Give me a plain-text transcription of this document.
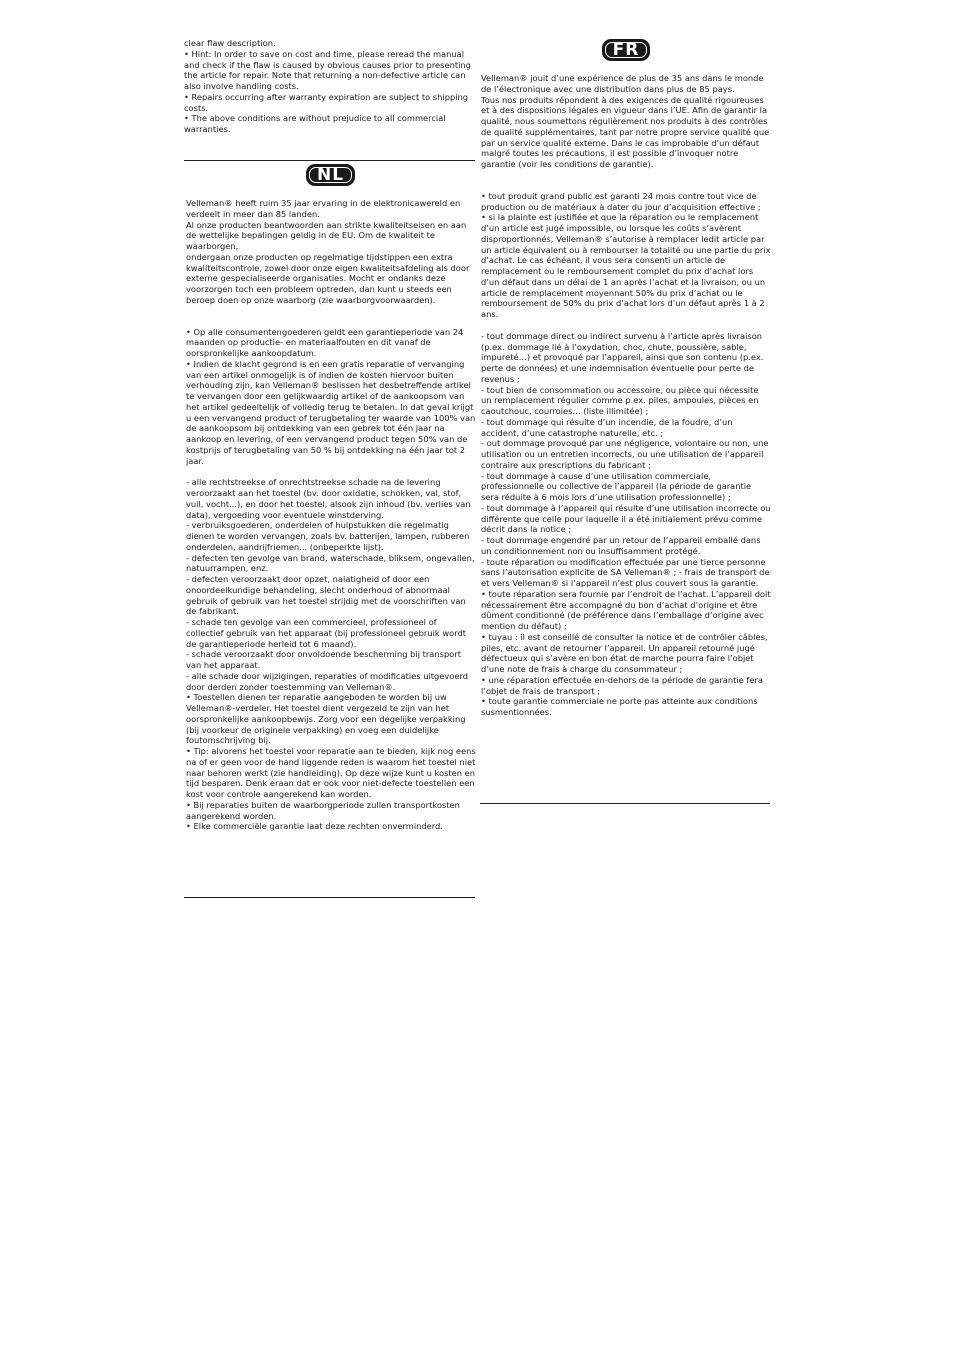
clear flaw description.
• Hint: In order to save on cost and time, please reread the manual and check if the flaw is caused by obvious causes prior to presenting the article for repair. Note that returning a non-defective article can also involve handling costs.
• Repairs occurring after warranty expiration are subject to shipping costs.
• The above conditions are without prejudice to all commercial warranties.
NL
Velleman® heeft ruim 35 jaar ervaring in de elektronicawereld en verdeelt in meer dan 85 landen.
Al onze producten beantwoorden aan strikte kwaliteitseisen en aan de wettelijke bepalingen geldig in de EU. Om de kwaliteit te waarborgen,
ondergaan onze producten op regelmatige tijdstippen een extra kwaliteitscontrole, zowel door onze eigen kwaliteitsafdeling als door externe gespecialiseerde organisaties. Mocht er ondanks deze voorzorgen toch een probleem optreden, dan kunt u steeds een beroep doen op onze waarborg (zie waarborgvoorwaarden).
• Op alle consumentengoederen geldt een garantieperiode van 24 maanden op productie- en materiaalfouten en dit vanaf de oorspronkelijke aankoopdatum.
• Indien de klacht gegrond is en een gratis reparatie of vervanging van een artikel onmogelijk is of indien de kosten hiervoor buiten verhouding zijn, kan Velleman® beslissen het desbetreffende artikel te vervangen door een gelijkwaardig artikel of de aankoopsom van het artikel gedeeltelijk of volledig terug te betalen. In dat geval krijgt u een vervangend product of terugbetaling ter waarde van 100% van de aankoopsom bij ontdekking van een gebrek tot één jaar na aankoop en levering, of een vervangend product tegen 50% van de kostprijs of terugbetaling van 50 % bij ontdekking na één jaar tot 2 jaar.
- alle rechtstreekse of onrechtstreekse schade na de levering veroorzaakt aan het toestel (bv. door oxidatie, schokken, val, stof, vuil, vocht...), en door het toestel, alsook zijn inhoud (bv. verlies van data), vergoeding voor eventuele winstderving.
- verbruiksgoederen, onderdelen of hulpstukken die regelmatig dienen te worden vervangen, zoals bv. batterijen, lampen, rubberen onderdelen, aandrijfriemen... (onbeperkte lijst).
- defecten ten gevolge van brand, waterschade, bliksem, ongevallen, natuurrampen, enz.
- defecten veroorzaakt door opzet, nalatigheid of door een onoordeelkundige behandeling, slecht onderhoud of abnormaal gebruik of gebruik van het toestel strijdig met de voorschriften van de fabrikant.
- schade ten gevolge van een commercieel, professioneel of collectief gebruik van het apparaat (bij professioneel gebruik wordt de garantieperiode herleid tot 6 maand).
- schade veroorzaakt door onvoldoende bescherming bij transport van het apparaat.
- alle schade door wijzigingen, reparaties of modificaties uitgevoerd door derden zonder toestemming van Velleman®.
• Toestellen dienen ter reparatie aangeboden te worden bij uw Velleman®-verdeler. Het toestel dient vergezeld te zijn van het oorspronkelijke aankoopbewijs. Zorg voor een degelijke verpakking (bij voorkeur de originele verpakking) en voeg een duidelijke foutomschrijving bij.
• Tip: alvorens het toestel voor reparatie aan te bieden, kijk nog eens na of er geen voor de hand liggende reden is waarom het toestel niet naar behoren werkt (zie handleiding). Op deze wijze kunt u kosten en tijd besparen. Denk eraan dat er ook voor niet-defecte toestellen een kost voor controle aangerekend kan worden.
• Bij reparaties buiten de waarborgperiode zullen transportkosten aangerekend worden.
• Elke commerciële garantie laat deze rechten onverminderd.
FR
Velleman® jouit d’une expérience de plus de 35 ans dans le monde de l’électronique avec une distribution dans plus de 85 pays.
Tous nos produits répondent à des exigences de qualité rigoureuses et à des dispositions légales en vigueur dans l’UE. Afin de garantir la qualité, nous soumettons régulièrement nos produits à des contrôles de qualité supplémentaires, tant par notre propre service qualité que par un service qualité externe. Dans le cas improbable d’un défaut malgré toutes les précautions, il est possible d’invoquer notre garantie (voir les conditions de garantie).
• tout produit grand public est garanti 24 mois contre tout vice de production ou de matériaux à dater du jour d’acquisition effective ;
• si la plainte est justifiée et que la réparation ou le remplacement d’un article est jugé impossible, ou lorsque les coûts s’avèrent disproportionnés, Velleman® s’autorise à remplacer ledit article par un article équivalent ou à rembourser la totalité ou une partie du prix d’achat. Le cas échéant, il vous sera consenti un article de remplacement ou le remboursement complet du prix d’achat lors d’un défaut dans un délai de 1 an après l’achat et la livraison, ou un article de remplacement moyennant 50% du prix d’achat ou le remboursement de 50% du prix d’achat lors d’un défaut après 1 à 2 ans.
- tout dommage direct ou indirect survenu à l’article après livraison (p.ex. dommage lié à l’oxydation, choc, chute, poussière, sable, impureté…) et provoqué par l’appareil, ainsi que son contenu (p.ex. perte de données) et une indemnisation éventuelle pour perte de revenus ;
- tout bien de consommation ou accessoire, ou pièce qui nécessite un remplacement régulier comme p.ex. piles, ampoules, pièces en caoutchouc, courroies… (liste illimitée) ;
- tout dommage qui résulte d’un incendie, de la foudre, d’un accident, d’une catastrophe naturelle, etc. ;
- out dommage provoqué par une négligence, volontaire ou non, une utilisation ou un entretien incorrects, ou une utilisation de l’appareil contraire aux prescriptions du fabricant ;
- tout dommage à cause d’une utilisation commerciale, professionnelle ou collective de l’appareil (la période de garantie sera réduite à 6 mois lors d’une utilisation professionnelle) ;
- tout dommage à l’appareil qui résulte d’une utilisation incorrecte ou différente que celle pour laquelle il a été initialement prévu comme décrit dans la notice ;
- tout dommage engendré par un retour de l’appareil emballé dans un conditionnement non ou insuffisamment protégé.
- toute réparation ou modification effectuée par une tierce personne sans l’autorisation explicite de SA Velleman® ; - frais de transport de et vers Velleman® si l’appareil n’est plus couvert sous la garantie.
• toute réparation sera fournie par l’endroit de l’achat. L’appareil doit nécessairement être accompagné du bon d’achat d’origine et être dûment conditionné (de préférence dans l’emballage d’origine avec mention du défaut) ;
• tuyau : il est conseillé de consulter la notice et de contrôler câbles, piles, etc. avant de retourner l’appareil. Un appareil retourné jugé défectueux qui s’avère en bon état de marche pourra faire l’objet d’une note de frais à charge du consommateur ;
• une réparation effectuée en-dehors de la période de garantie fera l’objet de frais de transport ;
• toute garantie commerciale ne porte pas atteinte aux conditions susmentionnées.
